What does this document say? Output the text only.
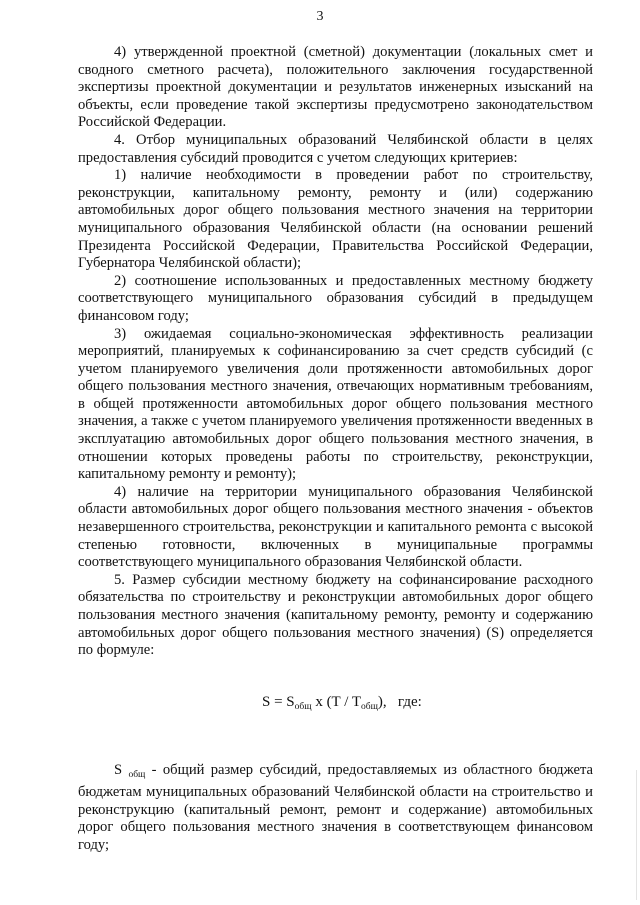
3

4) утвержденной проектной (сметной) документации (локальных смет и сводного сметного расчета), положительного заключения государственной экспертизы проектной документации и результатов инженерных изысканий на объекты, если проведение такой экспертизы предусмотрено законодательством Российской Федерации.

4. Отбор муниципальных образований Челябинской области в целях предоставления субсидий проводится с учетом следующих критериев:

1) наличие необходимости в проведении работ по строительству, реконструкции, капитальному ремонту, ремонту и (или) содержанию автомобильных дорог общего пользования местного значения на территории муниципального образования Челябинской области (на основании решений Президента Российской Федерации, Правительства Российской Федерации, Губернатора Челябинской области);

2) соотношение использованных и предоставленных местному бюджету соответствующего муниципального образования субсидий в предыдущем финансовом году;

3) ожидаемая социально-экономическая эффективность реализации мероприятий, планируемых к софинансированию за счет средств субсидий (с учетом планируемого увеличения доли протяженности автомобильных дорог общего пользования местного значения, отвечающих нормативным требованиям, в общей протяженности автомобильных дорог общего пользования местного значения, а также с учетом планируемого увеличения протяженности введенных в эксплуатацию автомобильных дорог общего пользования местного значения, в отношении которых проведены работы по строительству, реконструкции, капитальному ремонту и ремонту);

4) наличие на территории муниципального образования Челябинской области автомобильных дорог общего пользования местного значения - объектов незавершенного строительства, реконструкции и капитального ремонта с высокой степенью готовности, включенных в муниципальные программы соответствующего муниципального образования Челябинской области.

5. Размер субсидии местному бюджету на софинансирование расходного обязательства по строительству и реконструкции автомобильных дорог общего пользования местного значения (капитальному ремонту, ремонту и содержанию автомобильных дорог общего пользования местного значения) (S) определяется по формуле:

$S = S_{общ}$ x $(T / T_{общ})$, где:

S $_{общ}$ - общий размер субсидий, предоставляемых из областного бюджета бюджетам муниципальных образований Челябинской области на строительство и реконструкцию (капитальный ремонт, ремонт и содержание) автомобильных дорог общего пользования местного значения в соответствующем финансовом году;
